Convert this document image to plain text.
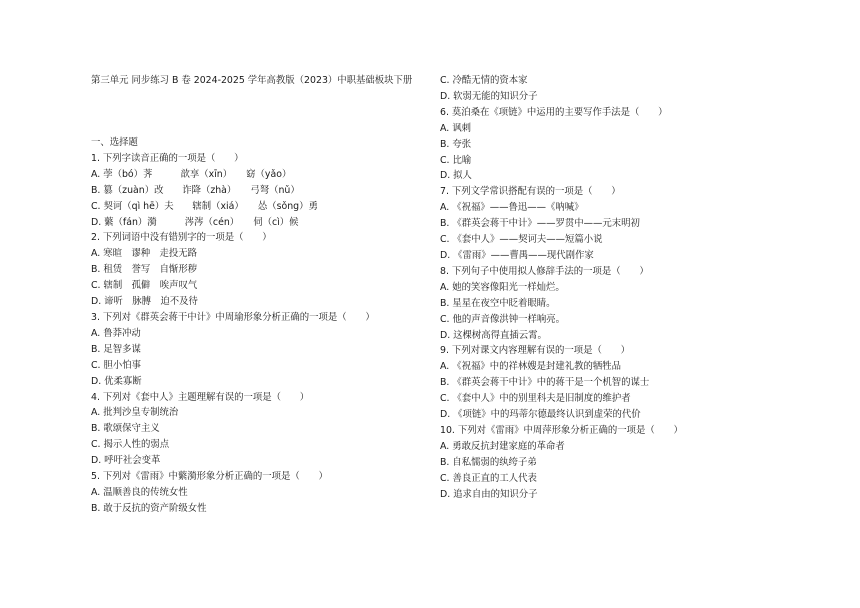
第三单元 同步练习 B 卷 2024-2025 学年高教版（2023）中职基础板块下册
一、选择题
1. 下列字读音正确的一项是（　　）
A. 荸（bó）荠　　　歆享（xīn）　　窈（yǎo）
B. 篡（zuàn）改　　诈降（zhà）　　弓弩（nǔ）
C. 契诃（qì hē）夫　　辖制（xiá）　　怂（sǒng）勇
D. 蘩（fán）漪　　　涔涔（cén）　　伺（cì）候
2. 下列词语中没有错别字的一项是（　　）
A. 寒暄　谬种　走投无路
B. 租赁　誉写　自惭形秽
C. 辖制　孤僻　唉声叹气
D. 谛听　脉膊　迫不及待
3. 下列对《群英会蒋干中计》中周瑜形象分析正确的一项是（　　）
A. 鲁莽冲动
B. 足智多谋
C. 胆小怕事
D. 优柔寡断
4. 下列对《套中人》主题理解有误的一项是（　　）
A. 批判沙皇专制统治
B. 歌颂保守主义
C. 揭示人性的弱点
D. 呼吁社会变革
5. 下列对《雷雨》中蘩漪形象分析正确的一项是（　　）
A. 温顺善良的传统女性
B. 敢于反抗的资产阶级女性
C. 冷酷无情的资本家
D. 软弱无能的知识分子
6. 莫泊桑在《项链》中运用的主要写作手法是（　　）
A. 讽刺
B. 夸张
C. 比喻
D. 拟人
7. 下列文学常识搭配有误的一项是（　　）
A. 《祝福》——鲁迅——《呐喊》
B. 《群英会蒋干中计》——罗贯中——元末明初
C. 《套中人》——契诃夫——短篇小说
D. 《雷雨》——曹禺——现代剧作家
8. 下列句子中使用拟人修辞手法的一项是（　　）
A. 她的笑容像阳光一样灿烂。
B. 星星在夜空中眨着眼睛。
C. 他的声音像洪钟一样响亮。
D. 这棵树高得直插云霄。
9. 下列对课文内容理解有误的一项是（　　）
A. 《祝福》中的祥林嫂是封建礼教的牺牲品
B. 《群英会蒋干中计》中的蒋干是一个机智的谋士
C. 《套中人》中的别里科夫是旧制度的维护者
D. 《项链》中的玛蒂尔德最终认识到虚荣的代价
10. 下列对《雷雨》中周萍形象分析正确的一项是（　　）
A. 勇敢反抗封建家庭的革命者
B. 自私懦弱的纨绔子弟
C. 善良正直的工人代表
D. 追求自由的知识分子
